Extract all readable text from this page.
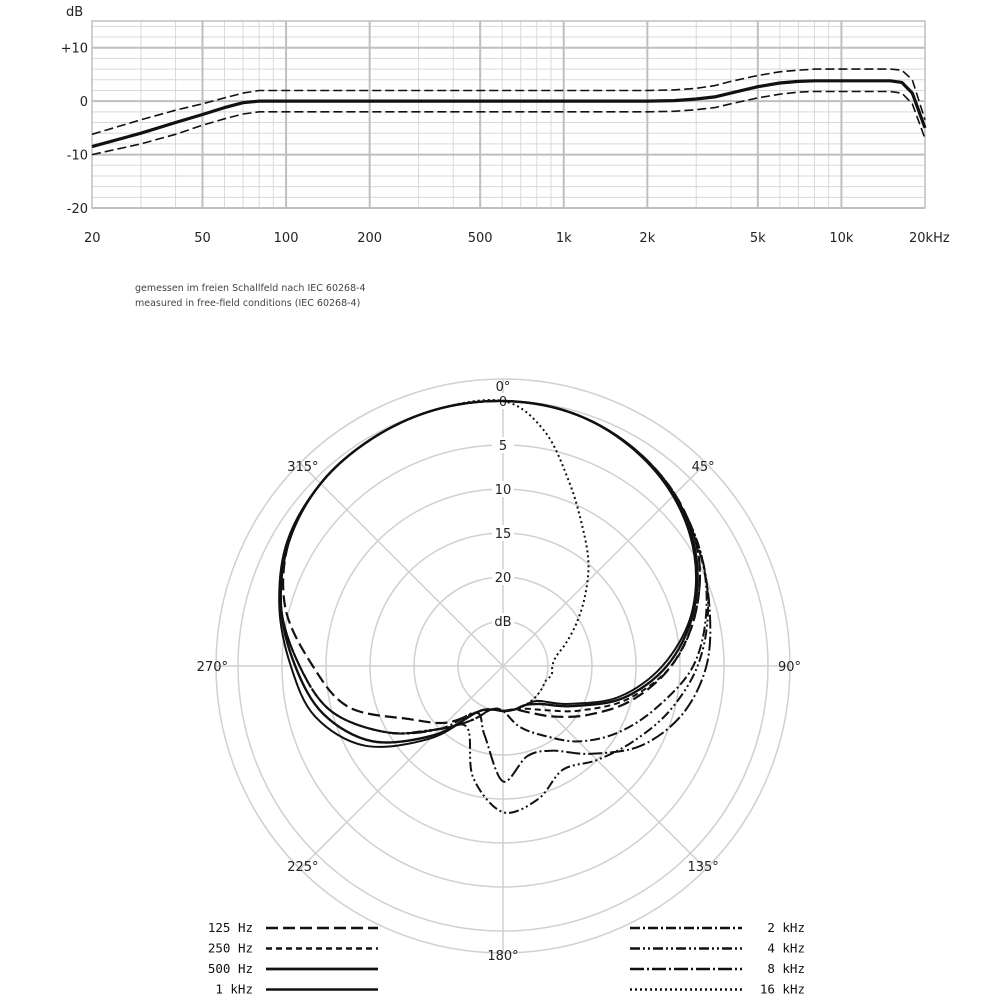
dB
+10
0
-10
-20
20	50	100	200	500	1k	2k	5k	10k	20kHz
gemessen im freien Schallfeld nach IEC 60268-4
measured in free-field conditions (IEC 60268-4)
0
5
10
15
20
dB
0°
45°
90°
135°
180°
225°
270°
315°
125 Hz
250 Hz
500 Hz
1 kHz
2 kHz
4 kHz
8 kHz
16 kHz
